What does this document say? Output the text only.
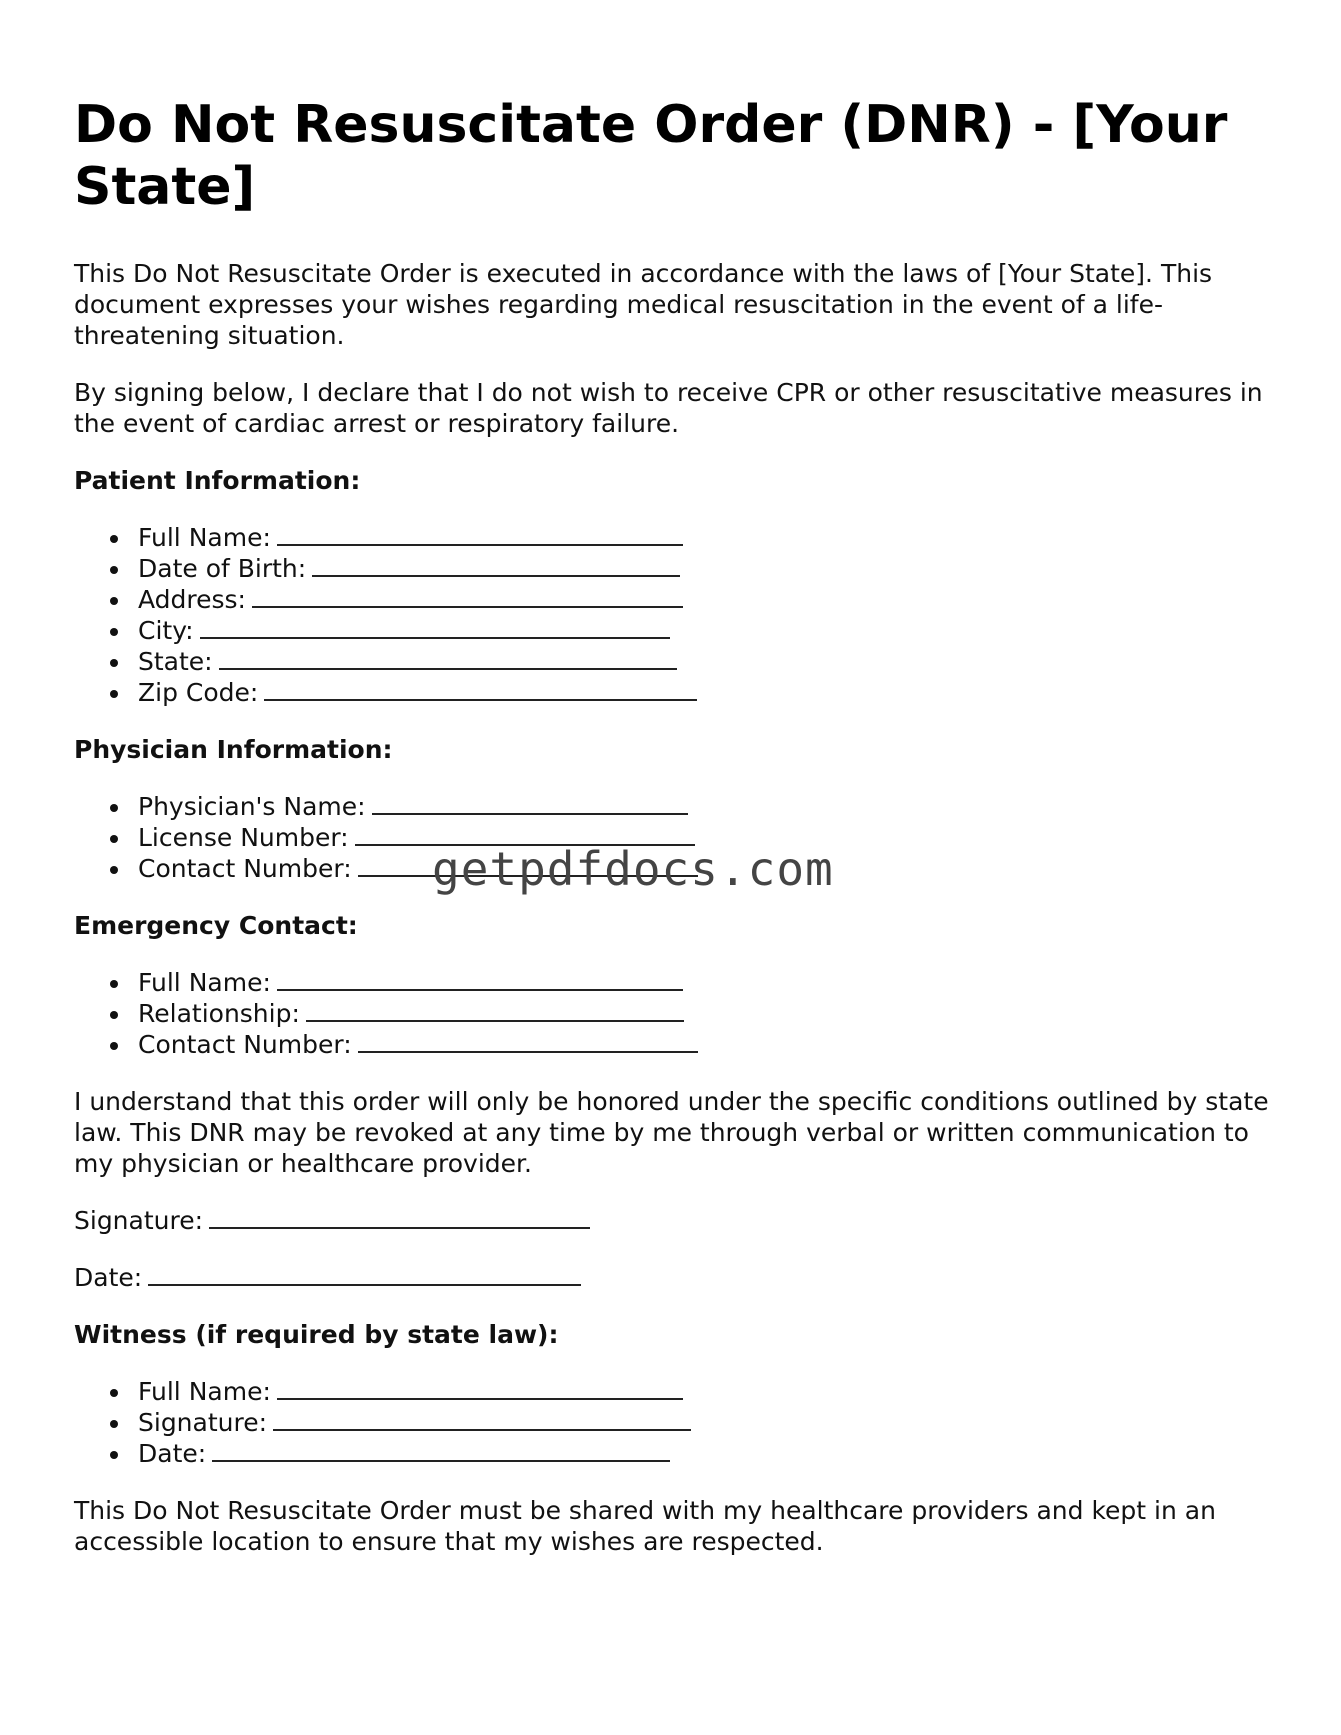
Do Not Resuscitate Order (DNR) - [Your State]

This Do Not Resuscitate Order is executed in accordance with the laws of [Your State]. This document expresses your wishes regarding medical resuscitation in the event of a life-threatening situation.

By signing below, I declare that I do not wish to receive CPR or other resuscitative measures in the event of cardiac arrest or respiratory failure.

Patient Information:
Full Name:
Date of Birth:
Address:
City:
State:
Zip Code:
Physician Information:
Physician's Name:
License Number:
Contact Number:
Emergency Contact:
Full Name:
Relationship:
Contact Number:

I understand that this order will only be honored under the specific conditions outlined by state law. This DNR may be revoked at any time by me through verbal or written communication to my physician or healthcare provider.

Signature:
Date:
Witness (if required by state law):
Full Name:
Signature:
Date:

This Do Not Resuscitate Order must be shared with my healthcare providers and kept in an accessible location to ensure that my wishes are respected.

getpdfdocs.com
